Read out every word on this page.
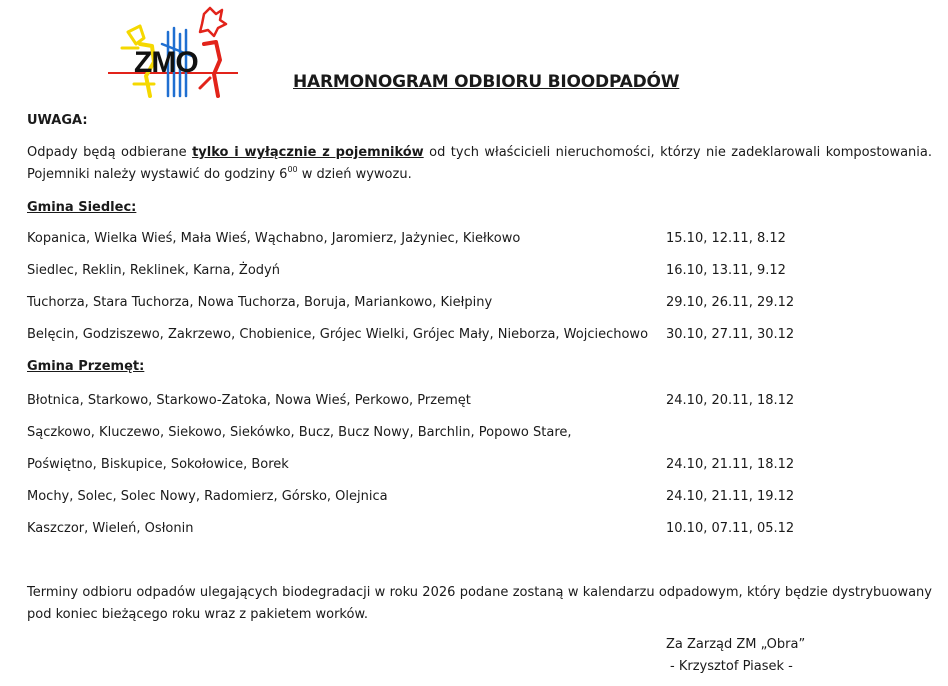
ZMO
HARMONOGRAM ODBIORU BIOODPADÓW
UWAGA:
Odpady będą odbierane tylko i wyłącznie z pojemników od tych właścicieli nieruchomości, którzy nie zadeklarowali kompostowania. Pojemniki należy wystawić do godziny $6^{00}$ w dzień wywozu.
Gmina Siedlec:
Kopanica, Wielka Wieś, Mała Wieś, Wąchabno, Jaromierz, Jażyniec, Kiełkowo	15.10, 12.11, 8.12
Siedlec, Reklin, Reklinek, Karna, Żodyń	16.10, 13.11, 9.12
Tuchorza, Stara Tuchorza, Nowa Tuchorza, Boruja, Mariankowo, Kiełpiny	29.10, 26.11, 29.12
Belęcin, Godziszewo, Zakrzewo, Chobienice, Grójec Wielki, Grójec Mały, Nieborza, Wojciechowo 30.10, 27.11, 30.12
Gmina Przemęt:
Błotnica, Starkowo, Starkowo-Zatoka, Nowa Wieś, Perkowo, Przemęt	24.10, 20.11, 18.12
Sączkowo, Kluczewo, Siekowo, Siekówko, Bucz, Bucz Nowy, Barchlin, Popowo Stare,
Poświętno, Biskupice, Sokołowice, Borek	24.10, 21.11, 18.12
Mochy, Solec, Solec Nowy, Radomierz, Górsko, Olejnica	24.10, 21.11, 19.12
Kaszczor, Wieleń, Osłonin	10.10, 07.11, 05.12
Terminy odbioru odpadów ulegających biodegradacji w roku 2026 podane zostaną w kalendarzu odpadowym, który będzie dystrybuowany pod koniec bieżącego roku wraz z pakietem worków.
Za Zarząd ZM „Obra”
- Krzysztof Piasek -
